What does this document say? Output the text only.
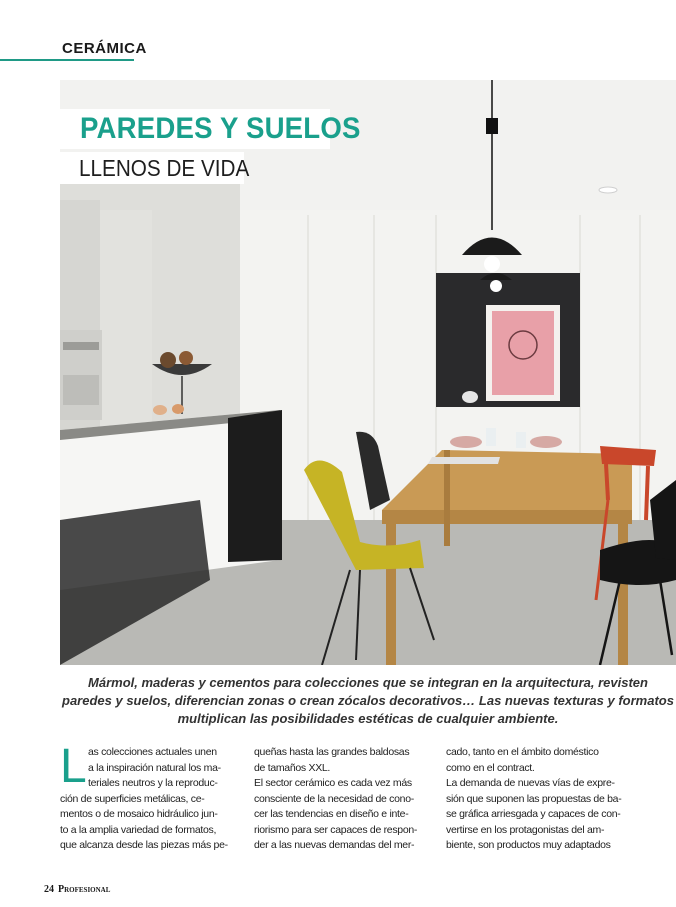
CERÁMICA
PAREDES Y SUELOS
LLENOS DE VIDA
Mármol, maderas y cementos para colecciones que se integran en la arquitectura, revisten
paredes y suelos, diferencian zonas o crean zócalos decorativos… Las nuevas texturas y formatos
multiplican las posibilidades estéticas de cualquier ambiente.
L as colecciones actuales unen
a la inspiración natural los ma-
teriales neutros y la reproduc-
ción de superficies metálicas, ce-
mentos o de mosaico hidráulico jun-
to a la amplia variedad de formatos,
que alcanza desde las piezas más pe-
queñas hasta las grandes baldosas
de tamaños XXL.
El sector cerámico es cada vez más
consciente de la necesidad de cono-
cer las tendencias en diseño e inte-
riorismo para ser capaces de respon-
der a las nuevas demandas del mer-
cado, tanto en el ámbito doméstico
como en el contract.
La demanda de nuevas vías de expre-
sión que suponen las propuestas de ba-
se gráfica arriesgada y capaces de con-
vertirse en los protagonistas del am-
biente, son productos muy adaptados
24 Profesional
